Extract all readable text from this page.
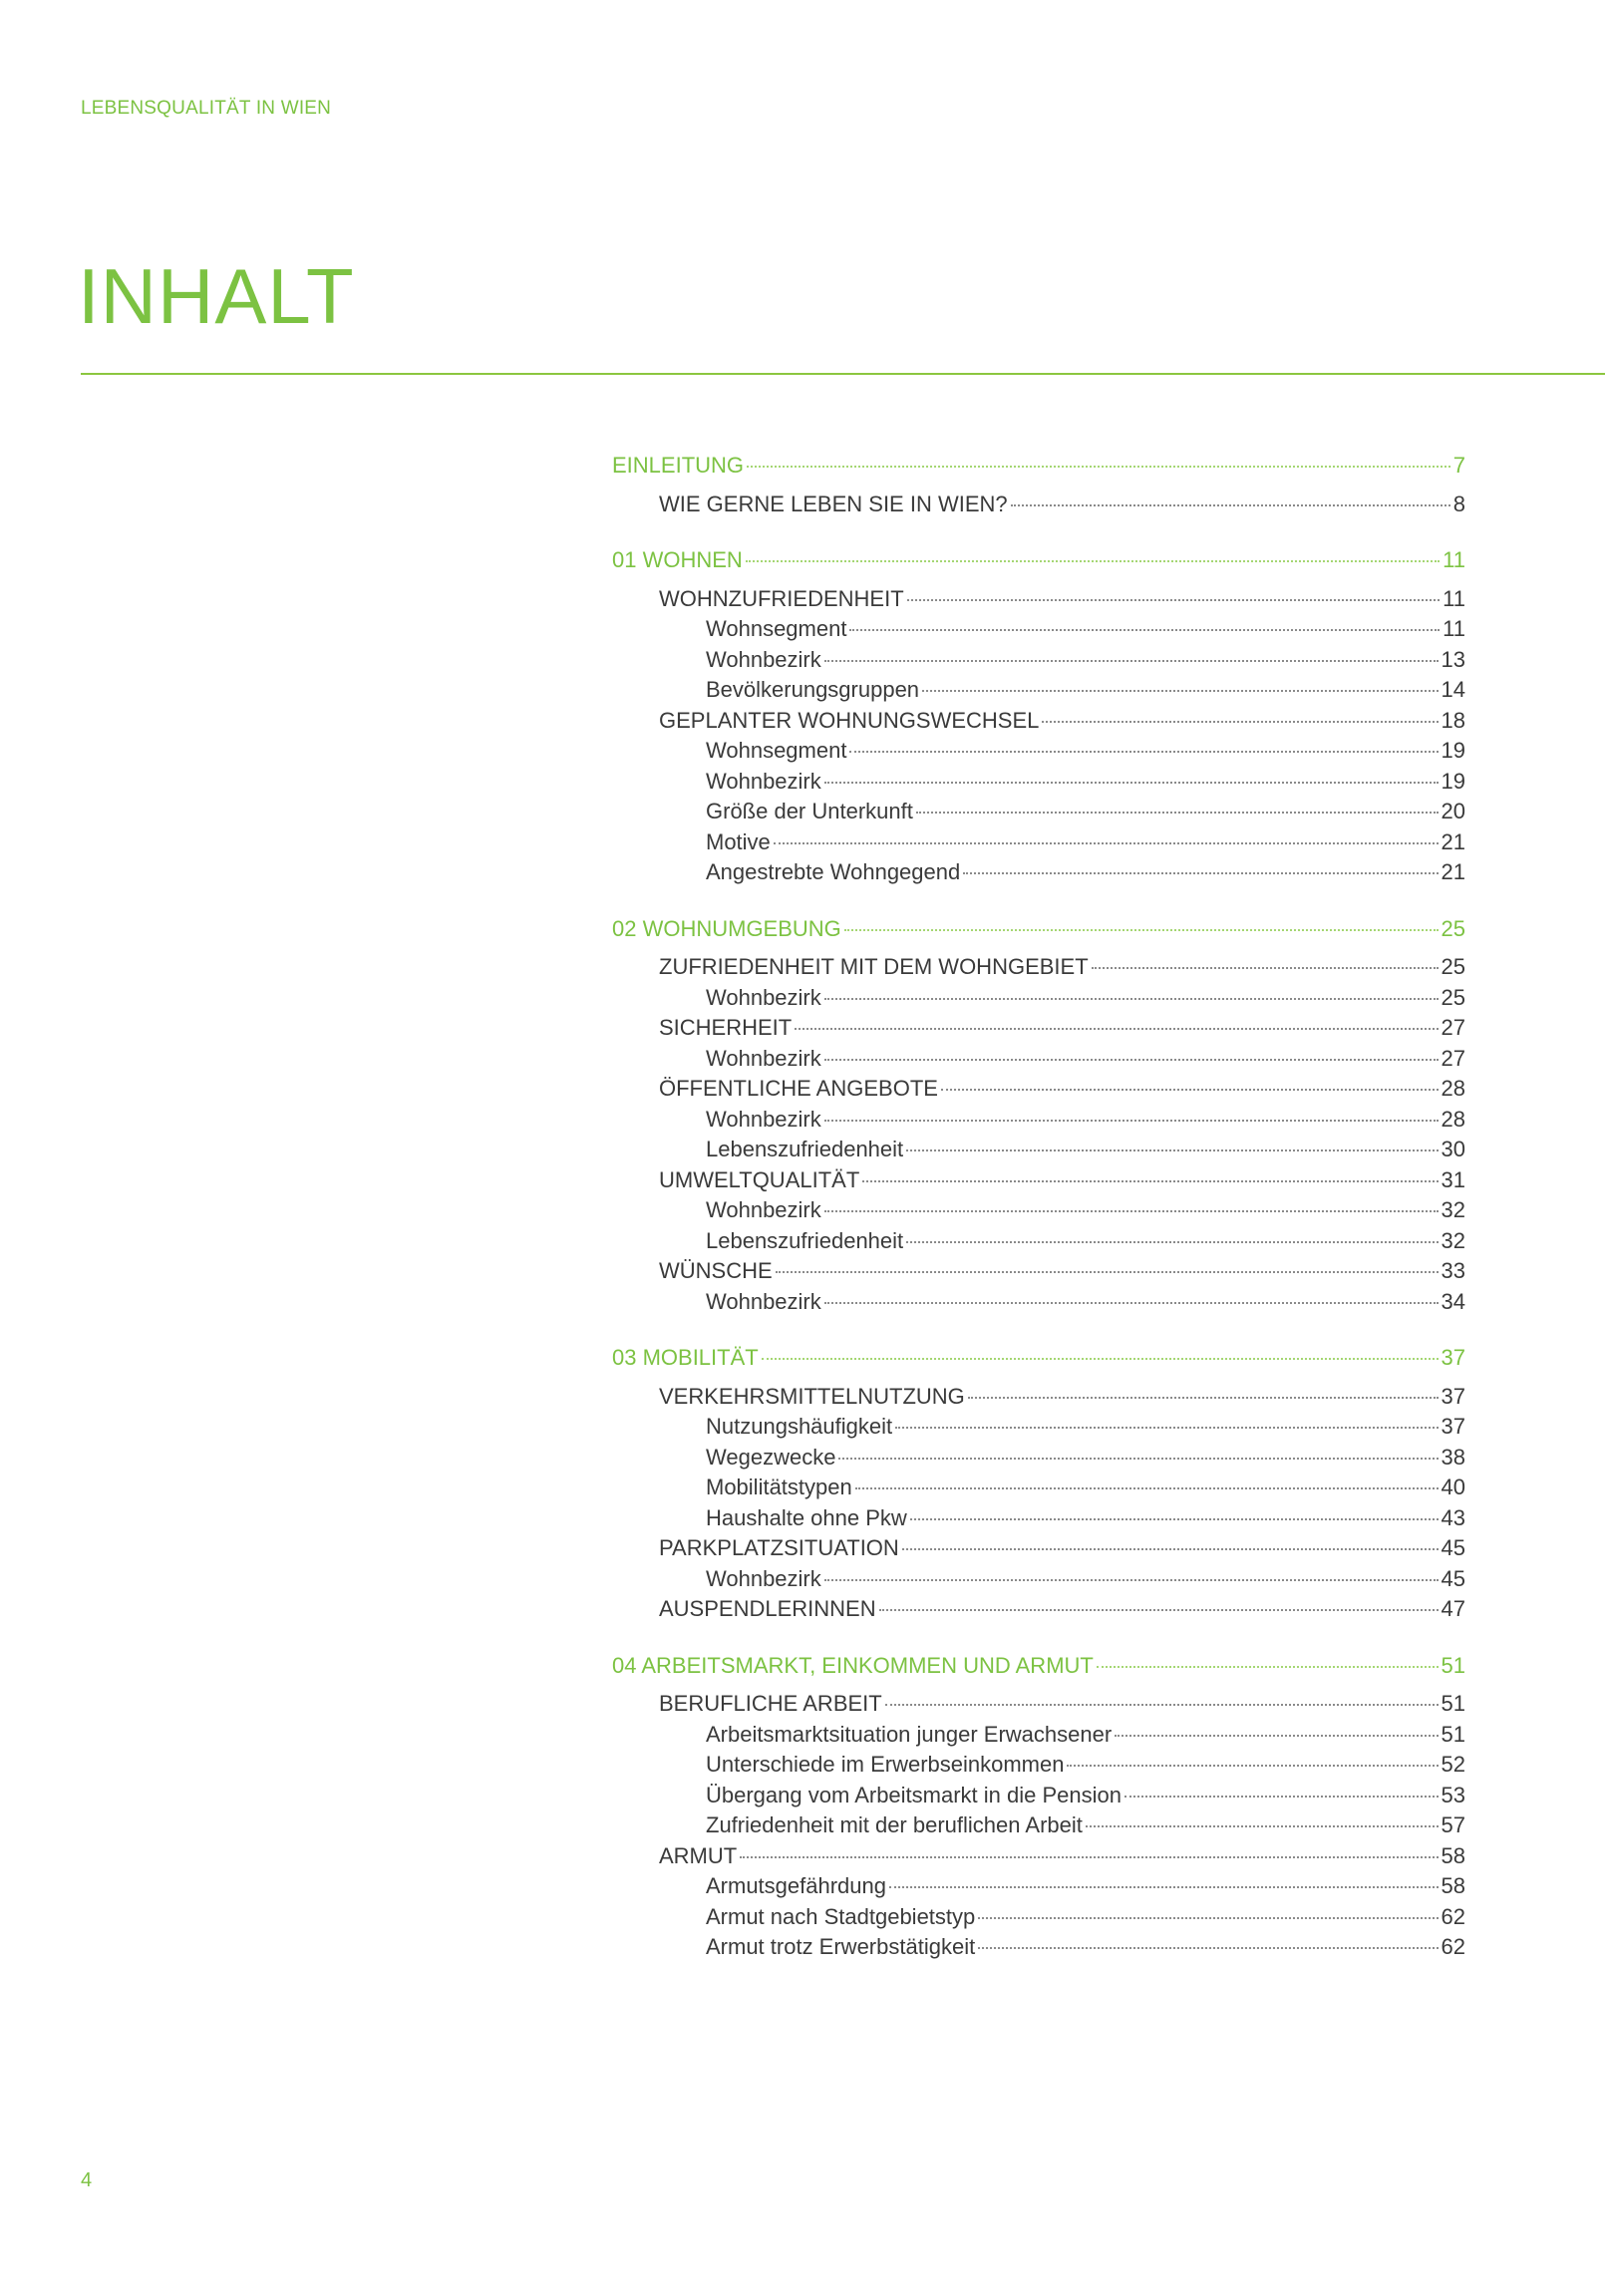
LEBENSQUALITÄT IN WIEN
INHALT
EINLEITUNG	7
WIE GERNE LEBEN SIE IN WIEN?	8
01 WOHNEN	11
WOHNZUFRIEDENHEIT	11
Wohnsegment	11
Wohnbezirk	13
Bevölkerungsgruppen	14
GEPLANTER WOHNUNGSWECHSEL	18
Wohnsegment	19
Wohnbezirk	19
Größe der Unterkunft	20
Motive	21
Angestrebte Wohngegend	21
02 WOHNUMGEBUNG	25
ZUFRIEDENHEIT MIT DEM WOHNGEBIET	25
Wohnbezirk	25
SICHERHEIT	27
Wohnbezirk	27
ÖFFENTLICHE ANGEBOTE	28
Wohnbezirk	28
Lebenszufriedenheit	30
UMWELTQUALITÄT	31
Wohnbezirk	32
Lebenszufriedenheit	32
WÜNSCHE	33
Wohnbezirk	34
03 MOBILITÄT	37
VERKEHRSMITTELNUTZUNG	37
Nutzungshäufigkeit	37
Wegezwecke	38
Mobilitätstypen	40
Haushalte ohne Pkw	43
PARKPLATZSITUATION	45
Wohnbezirk	45
AUSPENDLERINNEN	47
04 ARBEITSMARKT, EINKOMMEN UND ARMUT	51
BERUFLICHE ARBEIT	51
Arbeitsmarktsituation junger Erwachsener	51
Unterschiede im Erwerbseinkommen	52
Übergang vom Arbeitsmarkt in die Pension	53
Zufriedenheit mit der beruflichen Arbeit	57
ARMUT	58
Armutsgefährdung	58
Armut nach Stadtgebietstyp	62
Armut trotz Erwerbstätigkeit	62
4
